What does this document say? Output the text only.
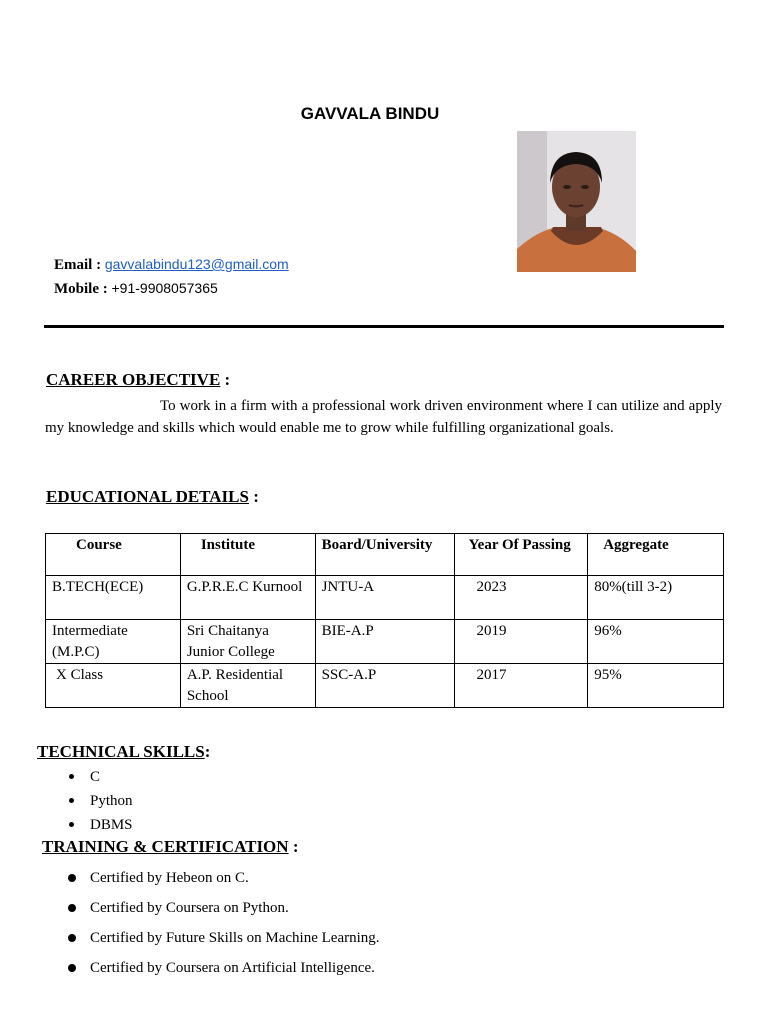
GAVVALA BINDU
Email : gavvalabindu123@gmail.com
Mobile : +91-9908057365
CAREER OBJECTIVE :
To work in a firm with a professional work driven environment where I can utilize and apply my knowledge and skills which would enable me to grow while fulfilling organizational goals.
EDUCATIONAL DETAILS :
Course	Institute	Board/University	Year Of Passing	Aggregate
B.TECH(ECE)	G.P.R.E.C Kurnool	JNTU-A	2023	80%(till 3-2)
Intermediate (M.P.C)	Sri Chaitanya Junior College	BIE-A.P	2019	96%
X Class	A.P. Residential School	SSC-A.P	2017	95%
TECHNICAL SKILLS:
C
Python
DBMS
TRAINING & CERTIFICATION :
Certified by Hebeon on C.
Certified by Coursera on Python.
Certified by Future Skills on Machine Learning.
Certified by Coursera on Artificial Intelligence.
